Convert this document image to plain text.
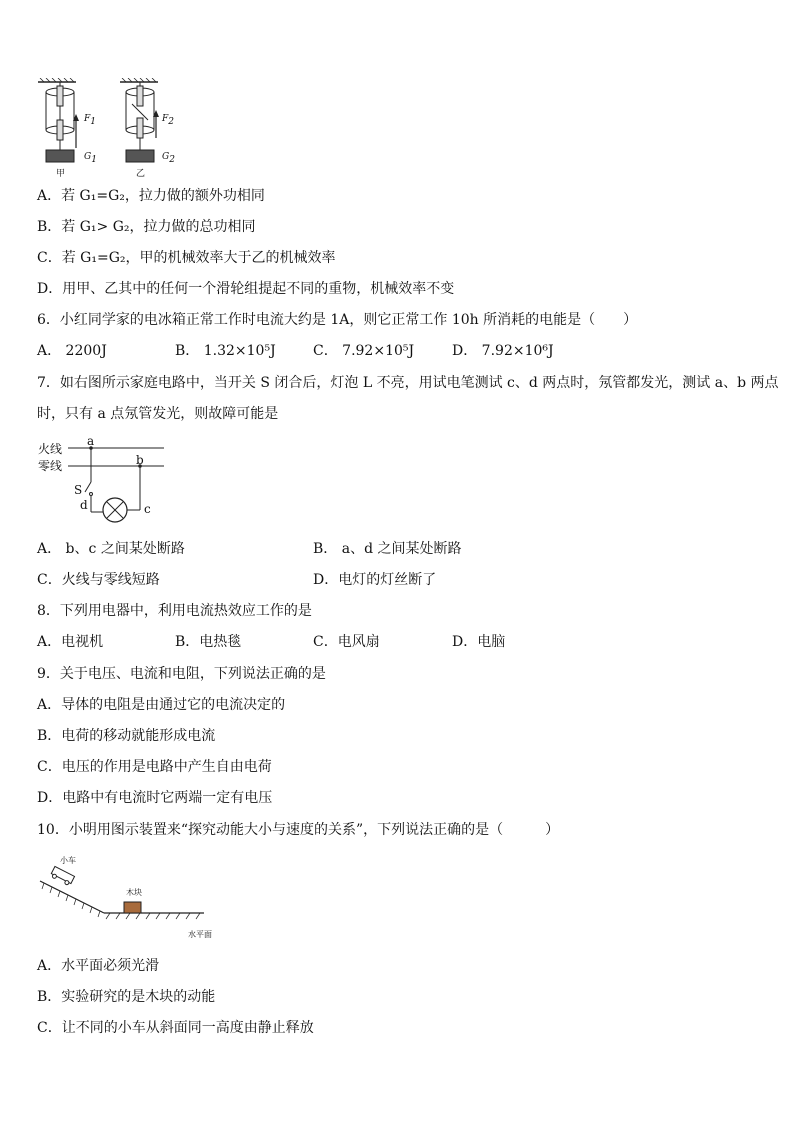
甲	乙
$F_1$	$F_2$
$G_1$	$G_2$
A．若 G₁=G₂，拉力做的额外功相同
B．若 G₁> G₂，拉力做的总功相同
C．若 G₁=G₂，甲的机械效率大于乙的机械效率
D．用甲、乙其中的任何一个滑轮组提起不同的重物，机械效率不变
6．小红同学家的电冰箱正常工作时电流大约是 1A，则它正常工作 10h 所消耗的电能是（　　）
A． 2200J	B． 1.32×10⁵J	C． 7.92×10⁵J	D． 7.92×10⁶J
7．如右图所示家庭电路中，当开关 S 闭合后，灯泡 L 不亮，用试电笔测试 c、d 两点时，氖管都发光，测试 a、b 两点
时，只有 a 点氖管发光，则故障可能是
火线
零线
a
b
S
d	c
A． b、c 之间某处断路	B． a、d 之间某处断路
C．火线与零线短路	D．电灯的灯丝断了
8．下列用电器中，利用电流热效应工作的是
A．电视机	B．电热毯	C．电风扇	D．电脑
9．关于电压、电流和电阻，下列说法正确的是
A．导体的电阻是由通过它的电流决定的
B．电荷的移动就能形成电流
C．电压的作用是电路中产生自由电荷
D．电路中有电流时它两端一定有电压
10．小明用图示装置来“探究动能大小与速度的关系”，下列说法正确的是（　　　）
小车
木块
水平面
A．水平面必须光滑
B．实验研究的是木块的动能
C．让不同的小车从斜面同一高度由静止释放
